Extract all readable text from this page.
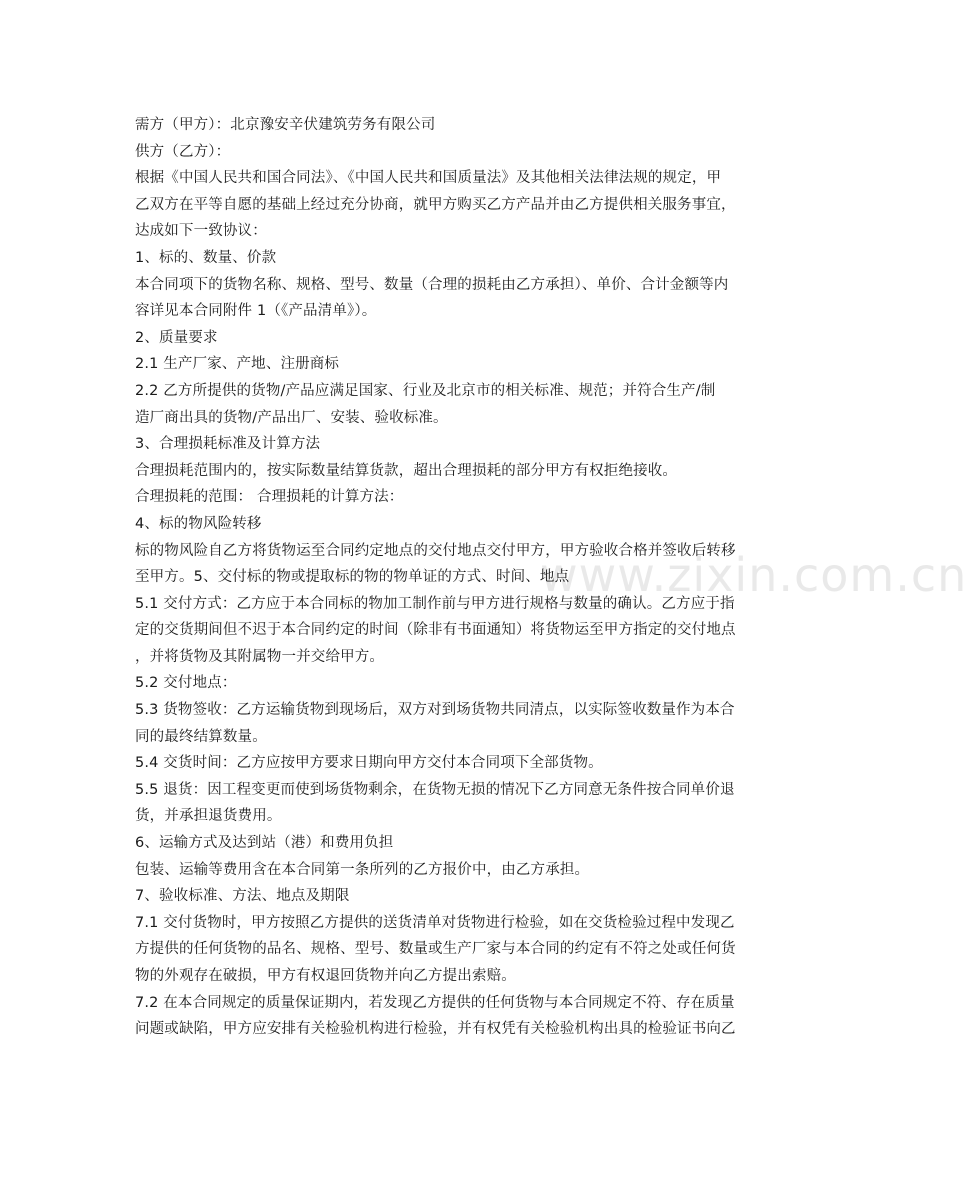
www.zixin.com.cn
需方（甲方）：北京豫安辛伏建筑劳务有限公司
供方（乙方）：
根据《中国人民共和国合同法》、《中国人民共和国质量法》及其他相关法律法规的规定，甲
乙双方在平等自愿的基础上经过充分协商，就甲方购买乙方产品并由乙方提供相关服务事宜，
达成如下一致协议：
1、标的、数量、价款
本合同项下的货物名称、规格、型号、数量（合理的损耗由乙方承担）、单价、合计金额等内
容详见本合同附件 1（《产品清单》）。
2、质量要求
2.1 生产厂家、产地、注册商标
2.2 乙方所提供的货物/产品应满足国家、行业及北京市的相关标准、规范；并符合生产/制
造厂商出具的货物/产品出厂、安装、验收标准。
3、合理损耗标准及计算方法
合理损耗范围内的，按实际数量结算货款，超出合理损耗的部分甲方有权拒绝接收。
合理损耗的范围： 合理损耗的计算方法：
4、标的物风险转移
标的物风险自乙方将货物运至合同约定地点的交付地点交付甲方，甲方验收合格并签收后转移
至甲方。5、交付标的物或提取标的物的物单证的方式、时间、地点
5.1 交付方式：乙方应于本合同标的物加工制作前与甲方进行规格与数量的确认。乙方应于指
定的交货期间但不迟于本合同约定的时间（除非有书面通知）将货物运至甲方指定的交付地点
，并将货物及其附属物一并交给甲方。
5.2 交付地点：
5.3 货物签收：乙方运输货物到现场后，双方对到场货物共同清点，以实际签收数量作为本合
同的最终结算数量。
5.4 交货时间：乙方应按甲方要求日期向甲方交付本合同项下全部货物。
5.5 退货：因工程变更而使到场货物剩余，在货物无损的情况下乙方同意无条件按合同单价退
货，并承担退货费用。
6、运输方式及达到站（港）和费用负担
包装、运输等费用含在本合同第一条所列的乙方报价中，由乙方承担。
7、验收标准、方法、地点及期限
7.1 交付货物时，甲方按照乙方提供的送货清单对货物进行检验，如在交货检验过程中发现乙
方提供的任何货物的品名、规格、型号、数量或生产厂家与本合同的约定有不符之处或任何货
物的外观存在破损，甲方有权退回货物并向乙方提出索赔。
7.2 在本合同规定的质量保证期内，若发现乙方提供的任何货物与本合同规定不符、存在质量
问题或缺陷，甲方应安排有关检验机构进行检验，并有权凭有关检验机构出具的检验证书向乙
